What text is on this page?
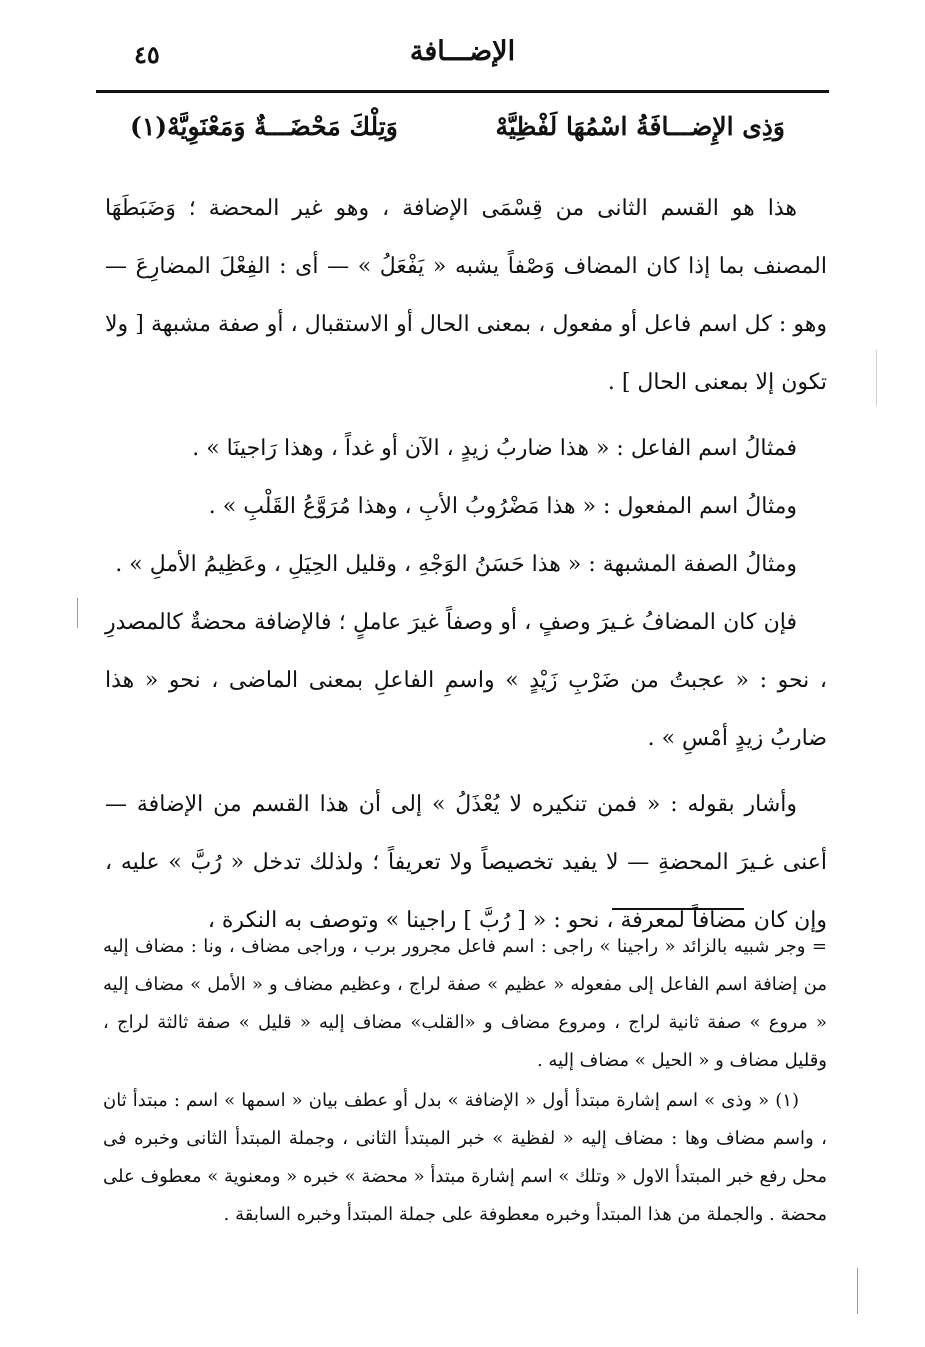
الإضـــافة
٤٥
وَذِى الإِضـــافَةُ اسْمُهَا لَفْظِيَّهْ
وَتِلْكَ مَحْضَـــةٌ وَمَعْنَوِيَّهْ(١)

هذا هو القسم الثانى من قِسْمَى الإضافة ، وهو غير المحضة ؛ وَضَبَطَهَا المصنف بما إذا كان المضاف وَصْفاً يشبه « يَفْعَلُ » — أى : الفِعْلَ المضارِعَ — وهو : كل اسم فاعل أو مفعول ، بمعنى الحال أو الاستقبال ، أو صفة مشبهة [ ولا تكون إلا بمعنى الحال ] .

فمثالُ اسم الفاعل : « هذا ضاربُ زيدٍ ، الآن أو غداً ، وهذا رَاجينَا » .

ومثالُ اسم المفعول : « هذا مَضْرُوبُ الأبِ ، وهذا مُرَوَّعُ القَلْبِ » .

ومثالُ الصفة المشبهة : « هذا حَسَنُ الوَجْهِ ، وقليل الحِيَلِ ، وعَظِيمُ الأملِ » .

فإن كان المضافُ غـيرَ وصفٍ ، أو وصفاً غيرَ عاملٍ ؛ فالإضافة محضةٌ كالمصدرِ ، نحو : « عجبتُ من ضَرْبِ زَيْدٍ » واسمِ الفاعلِ بمعنى الماضى ، نحو « هذا ضاربُ زيدٍ أمْسِ » .

وأشار بقوله : « فمن تنكيره لا يُعْذَلُ » إلى أن هذا القسم من الإضافة — أعنى غـيرَ المحضةِ — لا يفيد تخصيصاً ولا تعريفاً ؛ ولذلك تدخل « رُبَّ » عليه ، وإن كان مضافاً لمعرفة ، نحو : « [ رُبَّ ] راجينا » وتوصف به النكرة ،

= وجر شبيه بالزائد « راجينا » راجى : اسم فاعل مجرور برب ، وراجى مضاف ، ونا : مضاف إليه من إضافة اسم الفاعل إلى مفعوله « عظيم » صفة لراج ، وعظيم مضاف و « الأمل » مضاف إليه « مروع » صفة ثانية لراج ، ومروع مضاف و «القلب» مضاف إليه « قليل » صفة ثالثة لراج ، وقليل مضاف و « الحيل » مضاف إليه .

(١) « وذى » اسم إشارة مبتدأ أول « الإضافة » بدل أو عطف بيان « اسمها » اسم : مبتدأ ثان ، واسم مضاف وها : مضاف إليه « لفظية » خبر المبتدأ الثانى ، وجملة المبتدأ الثانى وخبره فى محل رفع خبر المبتدأ الاول « وتلك » اسم إشارة مبتدأ « محضة » خبره « ومعنوية » معطوف على محضة . والجملة من هذا المبتدأ وخبره معطوفة على جملة المبتدأ وخبره السابقة .
